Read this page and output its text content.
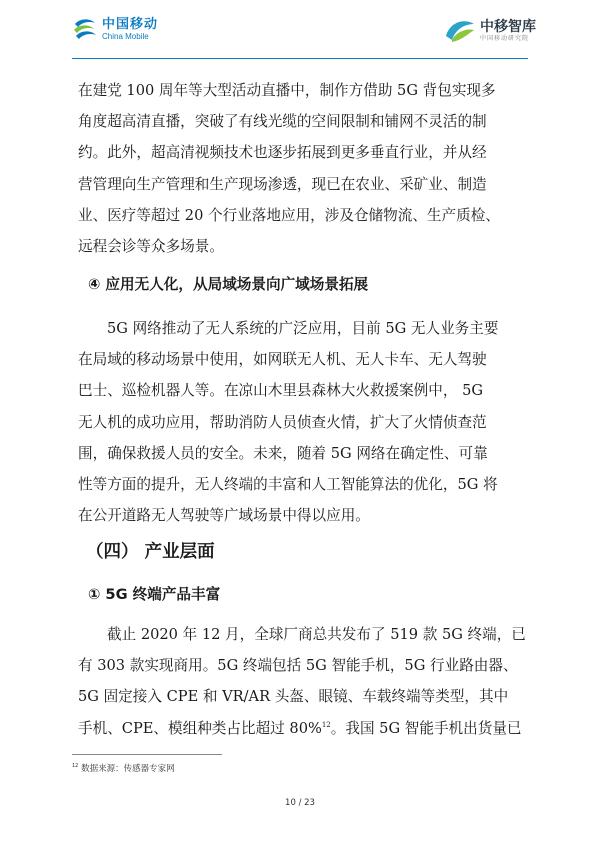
中国移动
China Mobile
中移智库
中国移动研究院

在建党 100 周年等大型活动直播中，制作方借助 5G 背包实现多
角度超高清直播，突破了有线光缆的空间限制和铺网不灵活的制
约。此外，超高清视频技术也逐步拓展到更多垂直行业，并从经
营管理向生产管理和生产现场渗透，现已在农业、采矿业、制造
业、医疗等超过 20 个行业落地应用，涉及仓储物流、生产质检、
远程会诊等众多场景。

④ 应用无人化，从局域场景向广域场景拓展

5G 网络推动了无人系统的广泛应用，目前 5G 无人业务主要
在局域的移动场景中使用，如网联无人机、无人卡车、无人驾驶
巴士、巡检机器人等。在凉山木里县森林大火救援案例中， 5G
无人机的成功应用，帮助消防人员侦查火情，扩大了火情侦查范
围，确保救援人员的安全。未来，随着 5G 网络在确定性、可靠
性等方面的提升，无人终端的丰富和人工智能算法的优化，5G 将
在公开道路无人驾驶等广域场景中得以应用。

（四） 产业层面
① 5G 终端产品丰富

截止 2020 年 12 月，全球厂商总共发布了 519 款 5G 终端，已
有 303 款实现商用。5G 终端包括 5G 智能手机，5G 行业路由器、
5G 固定接入 CPE 和 VR/AR 头盔、眼镜、车载终端等类型，其中
手机、CPE、模组种类占比超过 80%$^{12}$。我国 5G 智能手机出货量已

$^{12}$ 数据来源：传感器专家网
10 / 23
